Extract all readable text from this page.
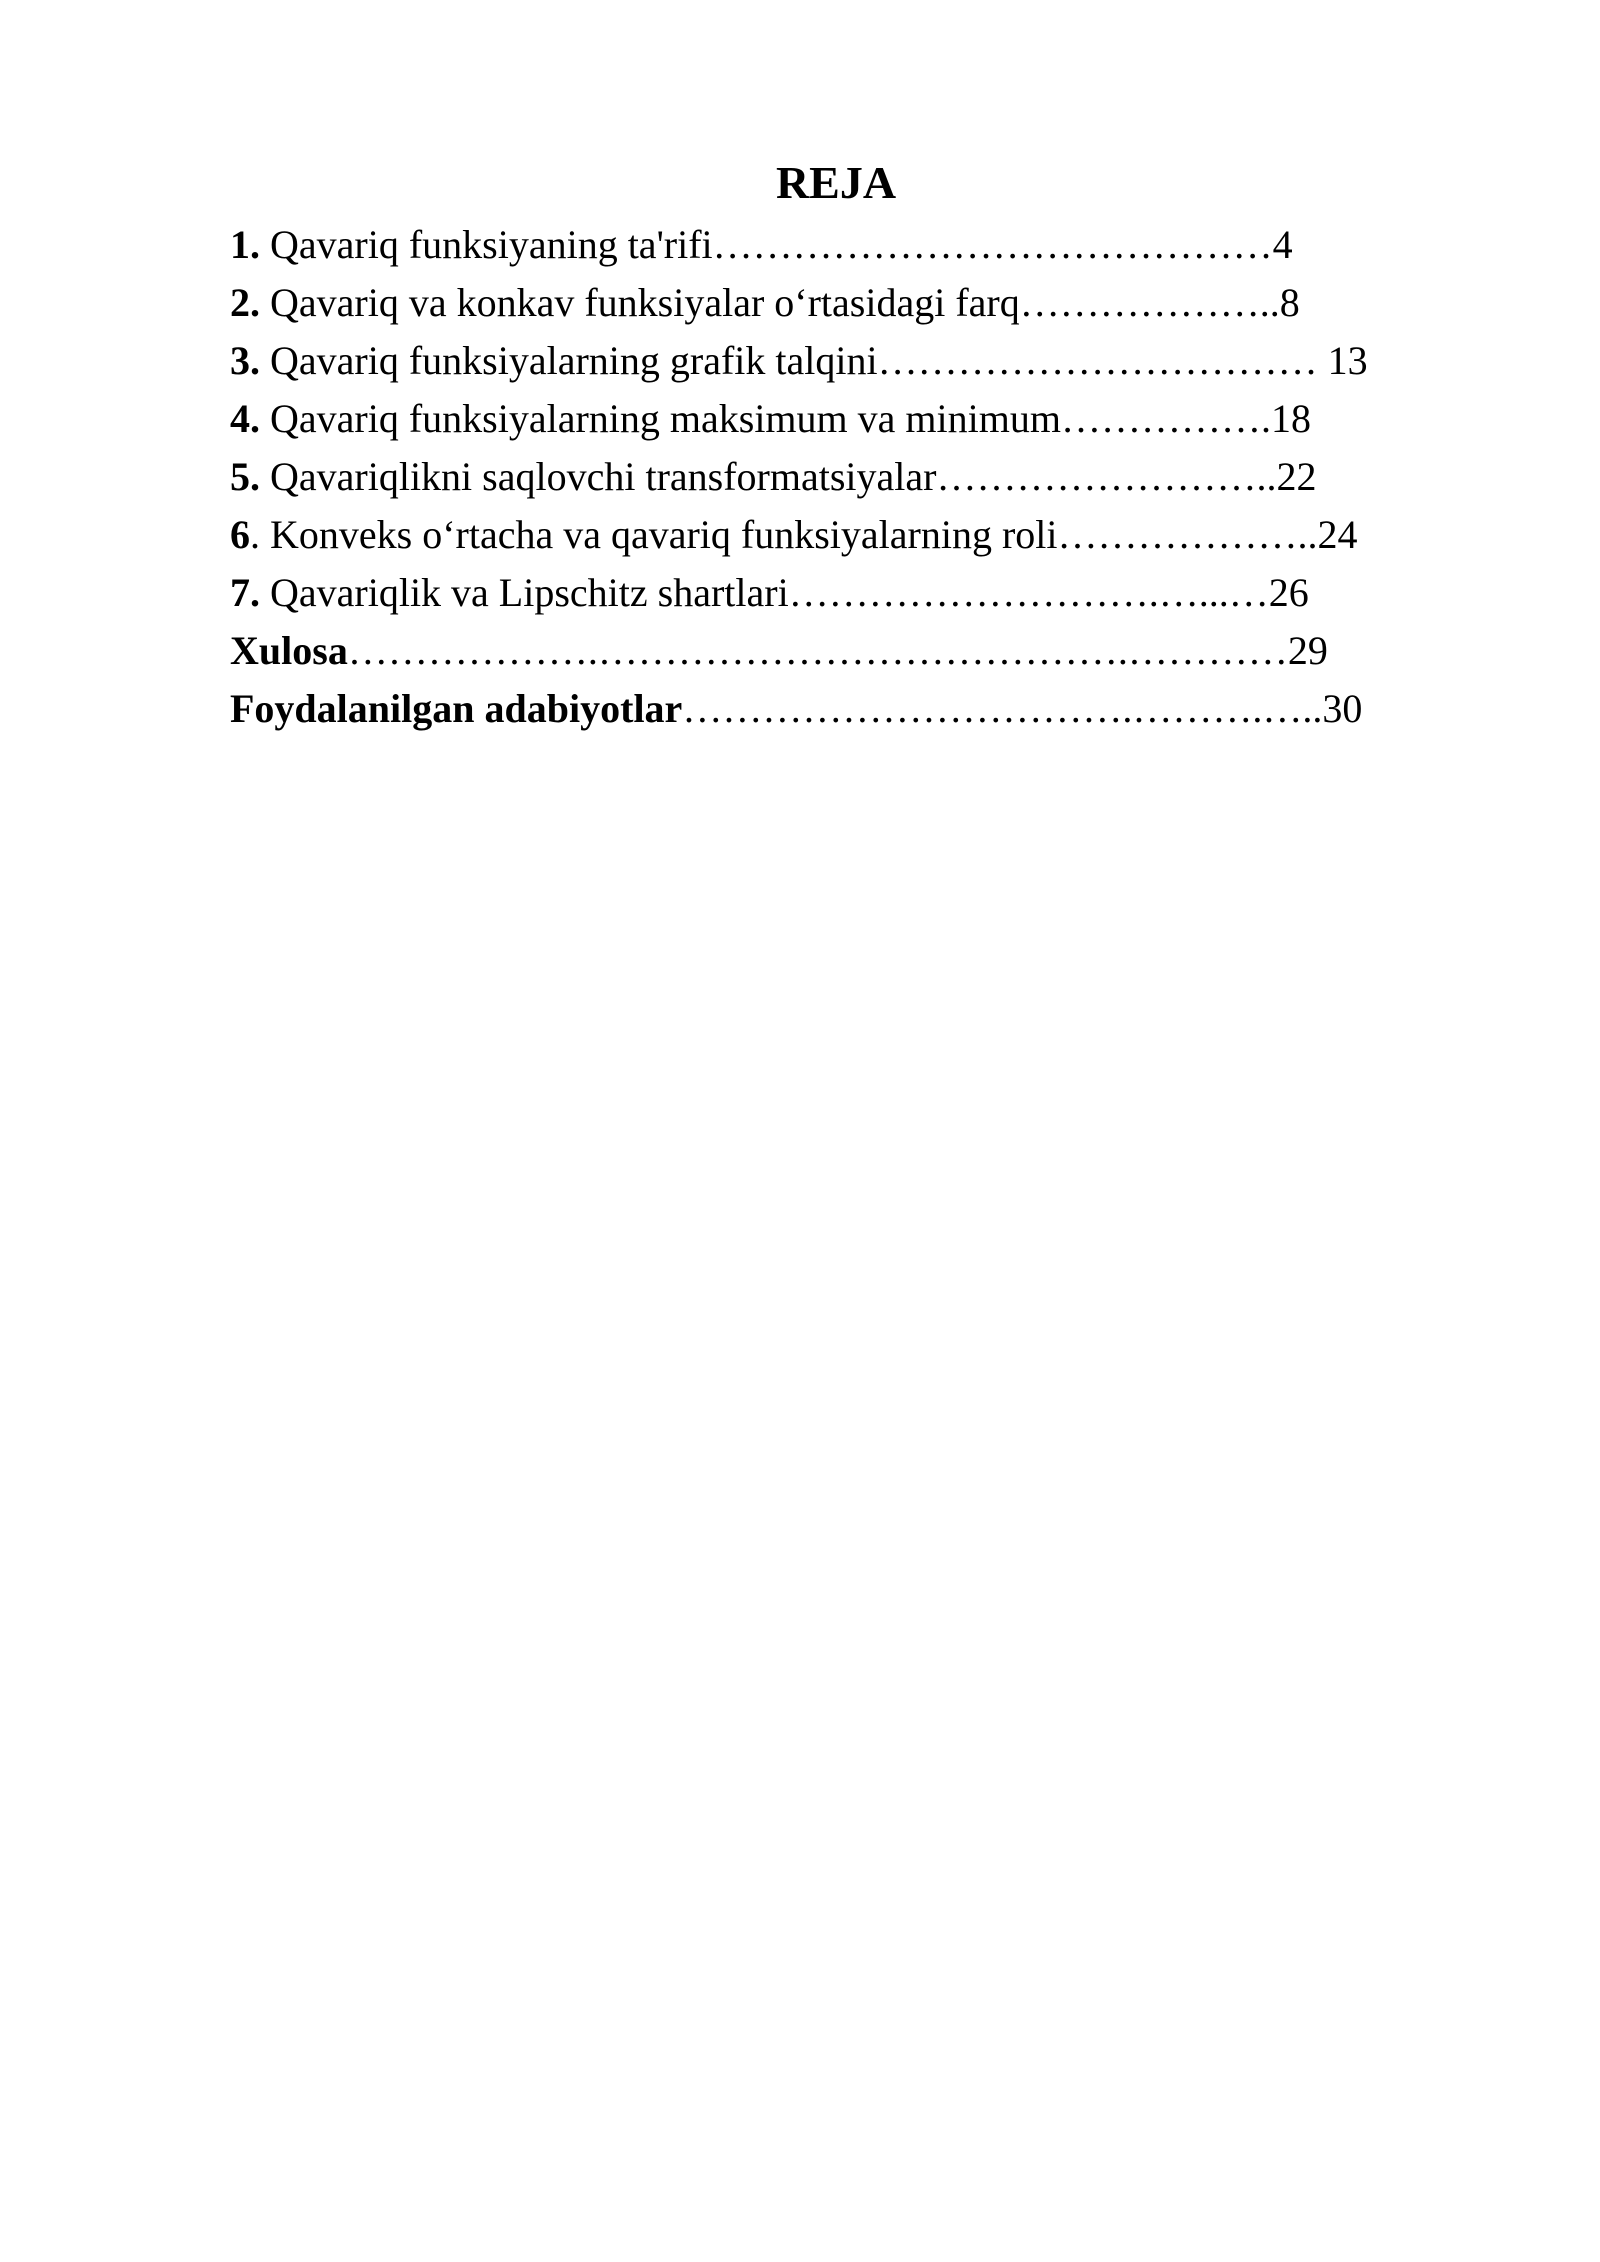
REJA

1. Qavariq funksiyaning ta'rifi……………………………………4

2. Qavariq va konkav funksiyalar o‘rtasidagi farq………………..8

3. Qavariq funksiyalarning grafik talqini…………………………… 13

4. Qavariq funksiyalarning maksimum va minimum…………….18

5. Qavariqlikni saqlovchi transformatsiyalar……………………..22

6. Konveks o‘rtacha va qavariq funksiyalarning roli………………..24

7. Qavariqlik va Lipschitz shartlari……………………….…...…26

Xulosa……………….………………………………….…………29

Foydalanilgan adabiyotlar…………………………….……….…..30
